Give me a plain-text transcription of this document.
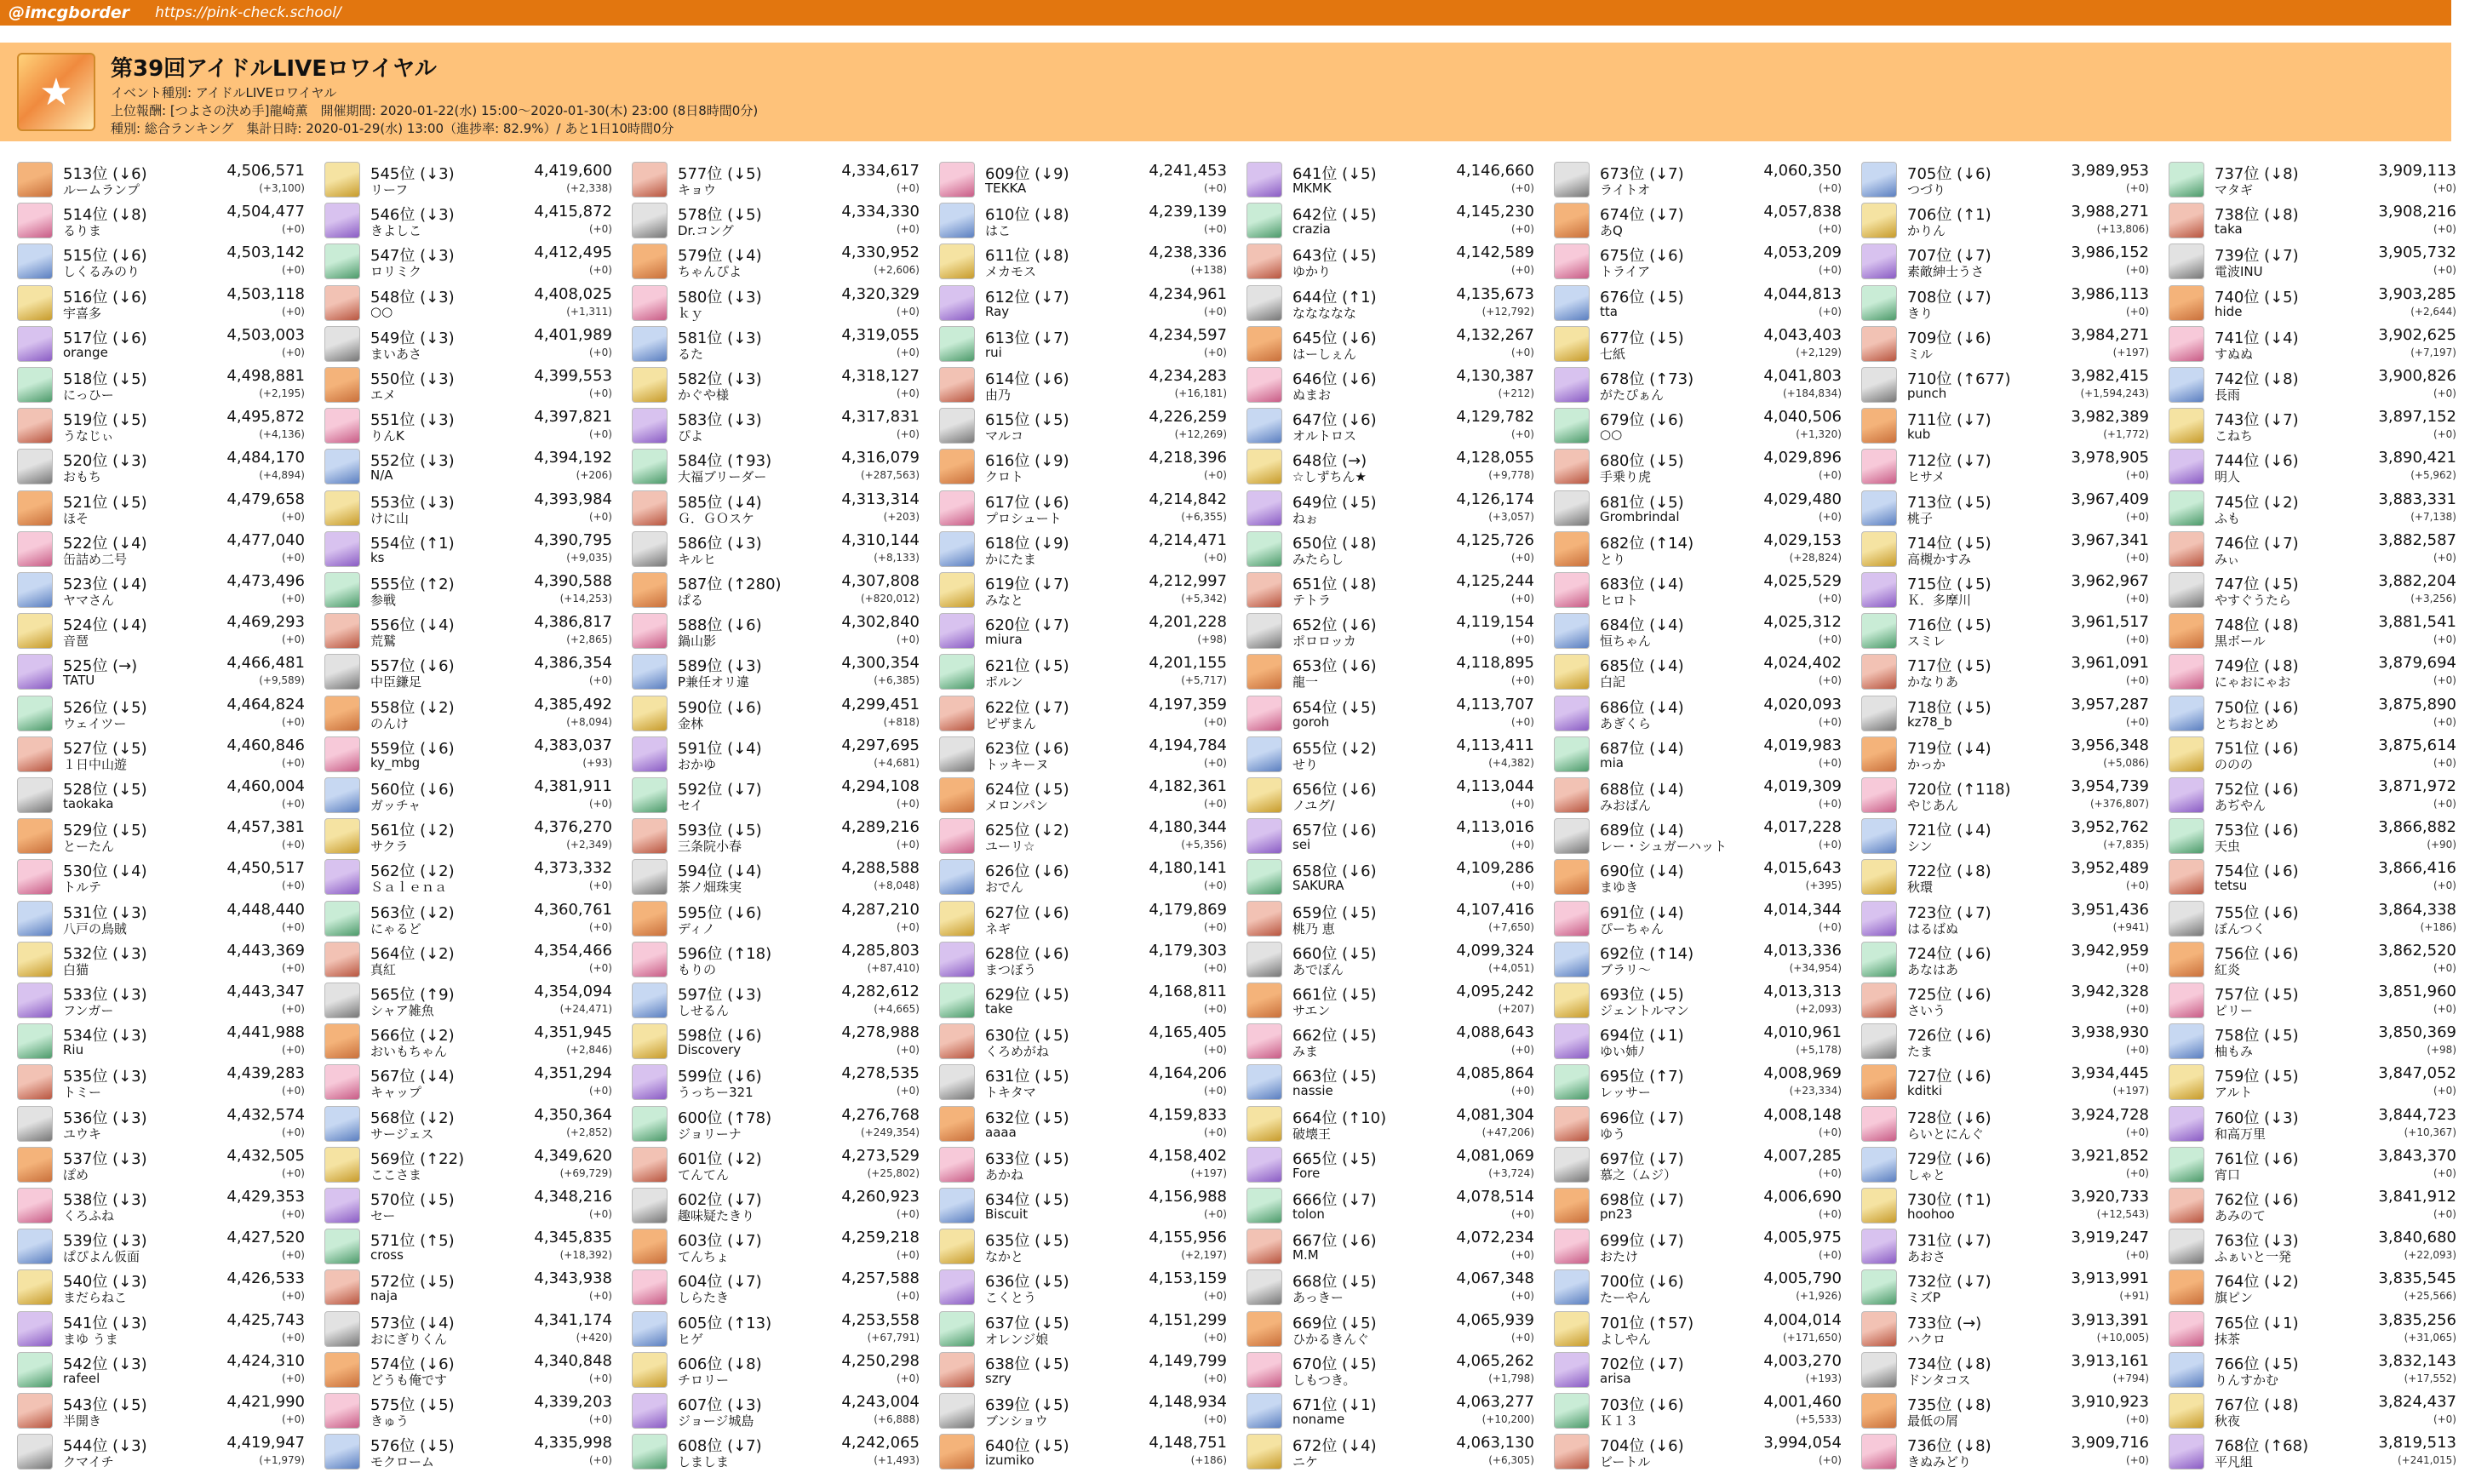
@imcgborder https://pink-check.school/
★
第39回アイドルLIVEロワイヤル
イベント種別: アイドルLIVEロワイヤル
上位報酬: [つよさの決め手]龍崎薫　開催期間: 2020-01-22(水) 15:00〜2020-01-30(木) 23:00 (8日8時間0分)
種別: 総合ランキング　集計日時: 2020-01-29(水) 13:00（進捗率: 82.9%）/ あと1日10時間0分
513位 (↓6)
ルームランプ
4,506,571
(+3,100)
514位 (↓8)
るりま
4,504,477
(+0)
515位 (↓6)
しくるみのり
4,503,142
(+0)
516位 (↓6)
宇喜多
4,503,118
(+0)
517位 (↓6)
orange
4,503,003
(+0)
518位 (↓5)
にっひー
4,498,881
(+2,195)
519位 (↓5)
うなじぃ
4,495,872
(+4,136)
520位 (↓3)
おもち
4,484,170
(+4,894)
521位 (↓5)
ほそ
4,479,658
(+0)
522位 (↓4)
缶詰め二号
4,477,040
(+0)
523位 (↓4)
ヤマさん
4,473,496
(+0)
524位 (↓4)
音琶
4,469,293
(+0)
525位 (→)
TATU
4,466,481
(+9,589)
526位 (↓5)
ウェイツー
4,464,824
(+0)
527位 (↓5)
１日中山遊
4,460,846
(+0)
528位 (↓5)
taokaka
4,460,004
(+0)
529位 (↓5)
とーたん
4,457,381
(+0)
530位 (↓4)
トルテ
4,450,517
(+0)
531位 (↓3)
八戸の鳥賊
4,448,440
(+0)
532位 (↓3)
白猫
4,443,369
(+0)
533位 (↓3)
フンガー
4,443,347
(+0)
534位 (↓3)
Riu
4,441,988
(+0)
535位 (↓3)
トミー
4,439,283
(+0)
536位 (↓3)
ユウキ
4,432,574
(+0)
537位 (↓3)
ぽめ
4,432,505
(+0)
538位 (↓3)
くろふね
4,429,353
(+0)
539位 (↓3)
ぱぴよん仮面
4,427,520
(+0)
540位 (↓3)
まだらねこ
4,426,533
(+0)
541位 (↓3)
まゆ うま
4,425,743
(+0)
542位 (↓3)
rafeel
4,424,310
(+0)
543位 (↓5)
半開き
4,421,990
(+0)
544位 (↓3)
クマイチ
4,419,947
(+1,979)
545位 (↓3)
リーフ
4,419,600
(+2,338)
546位 (↓3)
きよしこ
4,415,872
(+0)
547位 (↓3)
ロリミク
4,412,495
(+0)
548位 (↓3)
○○
4,408,025
(+1,311)
549位 (↓3)
まいあさ
4,401,989
(+0)
550位 (↓3)
エメ
4,399,553
(+0)
551位 (↓3)
りんK
4,397,821
(+0)
552位 (↓3)
N/A
4,394,192
(+206)
553位 (↓3)
けに山
4,393,984
(+0)
554位 (↑1)
ks
4,390,795
(+9,035)
555位 (↑2)
参戦
4,390,588
(+14,253)
556位 (↓4)
荒鷲
4,386,817
(+2,865)
557位 (↓6)
中臣鎌足
4,386,354
(+0)
558位 (↓2)
のんけ
4,385,492
(+8,094)
559位 (↓6)
ky_mbg
4,383,037
(+93)
560位 (↓6)
ガッチャ
4,381,911
(+0)
561位 (↓2)
サクラ
4,376,270
(+2,349)
562位 (↓2)
Ｓａｌｅｎａ
4,373,332
(+0)
563位 (↓2)
にゃるど
4,360,761
(+0)
564位 (↓2)
真紅
4,354,466
(+0)
565位 (↑9)
シャア雑魚
4,354,094
(+24,471)
566位 (↓2)
おいもちゃん
4,351,945
(+2,846)
567位 (↓4)
キャップ
4,351,294
(+0)
568位 (↓2)
サージェス
4,350,364
(+2,852)
569位 (↑22)
ここさま
4,349,620
(+69,729)
570位 (↓5)
セー
4,348,216
(+0)
571位 (↑5)
cross
4,345,835
(+18,392)
572位 (↓5)
naja
4,343,938
(+0)
573位 (↓4)
おにぎりくん
4,341,174
(+420)
574位 (↓6)
どうも俺です
4,340,848
(+0)
575位 (↓5)
きゅう
4,339,203
(+0)
576位 (↓5)
モクローム
4,335,998
(+0)
577位 (↓5)
キョウ
4,334,617
(+0)
578位 (↓5)
Dr.コング
4,334,330
(+0)
579位 (↓4)
ちゃんぴよ
4,330,952
(+2,606)
580位 (↓3)
ｋｙ
4,320,329
(+0)
581位 (↓3)
るた
4,319,055
(+0)
582位 (↓3)
かぐや様
4,318,127
(+0)
583位 (↓3)
ぴよ
4,317,831
(+0)
584位 (↑93)
大福ブリーダー
4,316,079
(+287,563)
585位 (↓4)
Ｇ．ＧＯスケ
4,313,314
(+203)
586位 (↓3)
キルヒ
4,310,144
(+8,133)
587位 (↑280)
ぱる
4,307,808
(+820,012)
588位 (↓6)
鍋山影
4,302,840
(+0)
589位 (↓3)
P兼任オリ違
4,300,354
(+6,385)
590位 (↓6)
金林
4,299,451
(+818)
591位 (↓4)
おかゆ
4,297,695
(+4,681)
592位 (↓7)
セイ
4,294,108
(+0)
593位 (↓5)
三条院小春
4,289,216
(+0)
594位 (↓4)
茶ノ畑珠実
4,288,588
(+8,048)
595位 (↓6)
ディノ
4,287,210
(+0)
596位 (↑18)
もりの
4,285,803
(+87,410)
597位 (↓3)
しせるん
4,282,612
(+4,665)
598位 (↓6)
Discovery
4,278,988
(+0)
599位 (↓6)
うっちー321
4,278,535
(+0)
600位 (↑78)
ジョリーナ
4,276,768
(+249,354)
601位 (↓2)
てんてん
4,273,529
(+25,802)
602位 (↓7)
趣味疑たきり
4,260,923
(+0)
603位 (↓7)
てんちょ
4,259,218
(+0)
604位 (↓7)
しらたき
4,257,588
(+0)
605位 (↑13)
ヒゲ
4,253,558
(+67,791)
606位 (↓8)
チロリー
4,250,298
(+0)
607位 (↓3)
ジョージ城島
4,243,004
(+6,888)
608位 (↓7)
しましま
4,242,065
(+1,493)
609位 (↓9)
TEKKA
4,241,453
(+0)
610位 (↓8)
はこ
4,239,139
(+0)
611位 (↓8)
メカモス
4,238,336
(+138)
612位 (↓7)
Ray
4,234,961
(+0)
613位 (↓7)
rui
4,234,597
(+0)
614位 (↓6)
由乃
4,234,283
(+16,181)
615位 (↓5)
マルコ
4,226,259
(+12,269)
616位 (↓9)
クロト
4,218,396
(+0)
617位 (↓6)
プロシュート
4,214,842
(+6,355)
618位 (↓9)
かにたま
4,214,471
(+0)
619位 (↓7)
みなと
4,212,997
(+5,342)
620位 (↓7)
miura
4,201,228
(+98)
621位 (↓5)
ポルン
4,201,155
(+5,717)
622位 (↓7)
ピザまん
4,197,359
(+0)
623位 (↓6)
トッキーヌ
4,194,784
(+0)
624位 (↓5)
メロンパン
4,182,361
(+0)
625位 (↓2)
ユーリ☆
4,180,344
(+5,356)
626位 (↓6)
おでん
4,180,141
(+0)
627位 (↓6)
ネギ
4,179,869
(+0)
628位 (↓6)
まつぼう
4,179,303
(+0)
629位 (↓5)
take
4,168,811
(+0)
630位 (↓5)
くろめがね
4,165,405
(+0)
631位 (↓5)
トキタマ
4,164,206
(+0)
632位 (↓5)
aaaa
4,159,833
(+0)
633位 (↓5)
あかね
4,158,402
(+197)
634位 (↓5)
Biscuit
4,156,988
(+0)
635位 (↓5)
なかと
4,155,956
(+2,197)
636位 (↓5)
こくとう
4,153,159
(+0)
637位 (↓5)
オレンジ娘
4,151,299
(+0)
638位 (↓5)
szry
4,149,799
(+0)
639位 (↓5)
ブンショウ
4,148,934
(+0)
640位 (↓5)
izumiko
4,148,751
(+186)
641位 (↓5)
MKMK
4,146,660
(+0)
642位 (↓5)
crazia
4,145,230
(+0)
643位 (↓5)
ゆかり
4,142,589
(+0)
644位 (↑1)
ななななな
4,135,673
(+12,792)
645位 (↓6)
はーしぇん
4,132,267
(+0)
646位 (↓6)
ぬまお
4,130,387
(+212)
647位 (↓6)
オルトロス
4,129,782
(+0)
648位 (→)
☆しずちん★
4,128,055
(+9,778)
649位 (↓5)
ねぉ
4,126,174
(+3,057)
650位 (↓8)
みたらし
4,125,726
(+0)
651位 (↓8)
テトラ
4,125,244
(+0)
652位 (↓6)
ポロロッカ
4,119,154
(+0)
653位 (↓6)
龍一
4,118,895
(+0)
654位 (↓5)
goroh
4,113,707
(+0)
655位 (↓2)
せり
4,113,411
(+4,382)
656位 (↓6)
ノユグ/
4,113,044
(+0)
657位 (↓6)
sei
4,113,016
(+0)
658位 (↓6)
SAKURA
4,109,286
(+0)
659位 (↓5)
桃乃 恵
4,107,416
(+7,650)
660位 (↓5)
あでぽん
4,099,324
(+4,051)
661位 (↓5)
サエン
4,095,242
(+207)
662位 (↓5)
みま
4,088,643
(+0)
663位 (↓5)
nassie
4,085,864
(+0)
664位 (↑10)
破壊王
4,081,304
(+47,206)
665位 (↓5)
Fore
4,081,069
(+3,724)
666位 (↓7)
tolon
4,078,514
(+0)
667位 (↓6)
M.M
4,072,234
(+0)
668位 (↓5)
あっきー
4,067,348
(+0)
669位 (↓5)
ひかるきんぐ
4,065,939
(+0)
670位 (↓5)
しもつき。
4,065,262
(+1,798)
671位 (↓1)
noname
4,063,277
(+10,200)
672位 (↓4)
ニケ
4,063,130
(+6,305)
673位 (↓7)
ライトオ
4,060,350
(+0)
674位 (↓7)
あQ
4,057,838
(+0)
675位 (↓6)
トライア
4,053,209
(+0)
676位 (↓5)
tta
4,044,813
(+0)
677位 (↓5)
七紙
4,043,403
(+2,129)
678位 (↑73)
がたぴぁん
4,041,803
(+184,834)
679位 (↓6)
○○
4,040,506
(+1,320)
680位 (↓5)
手乗り虎
4,029,896
(+0)
681位 (↓5)
Grombrindal
4,029,480
(+0)
682位 (↑14)
とり
4,029,153
(+28,824)
683位 (↓4)
ヒロト
4,025,529
(+0)
684位 (↓4)
恒ちゃん
4,025,312
(+0)
685位 (↓4)
白記
4,024,402
(+0)
686位 (↓4)
あぎくら
4,020,093
(+0)
687位 (↓4)
mia
4,019,983
(+0)
688位 (↓4)
みおばん
4,019,309
(+0)
689位 (↓4)
レー・シュガーハット
4,017,228
(+0)
690位 (↓4)
まゆき
4,015,643
(+395)
691位 (↓4)
ぴーちゃん
4,014,344
(+0)
692位 (↑14)
ブラリ〜
4,013,336
(+34,954)
693位 (↓5)
ジェントルマン
4,013,313
(+2,093)
694位 (↓1)
ゆい姉ﾉ
4,010,961
(+5,178)
695位 (↑7)
レッサー
4,008,969
(+23,334)
696位 (↓7)
ゆう
4,008,148
(+0)
697位 (↓7)
慕之（ムジ）
4,007,285
(+0)
698位 (↓7)
pn23
4,006,690
(+0)
699位 (↓7)
おたけ
4,005,975
(+0)
700位 (↓6)
たーやん
4,005,790
(+1,926)
701位 (↑57)
よしやん
4,004,014
(+171,650)
702位 (↓7)
arisa
4,003,270
(+193)
703位 (↓6)
Ｋ１３
4,001,460
(+5,533)
704位 (↓6)
ビートル
3,994,054
(+0)
705位 (↓6)
つづり
3,989,953
(+0)
706位 (↑1)
かりん
3,988,271
(+13,806)
707位 (↓7)
素敵紳士うさ
3,986,152
(+0)
708位 (↓7)
きり
3,986,113
(+0)
709位 (↓6)
ミル
3,984,271
(+197)
710位 (↑677)
punch
3,982,415
(+1,594,243)
711位 (↓7)
kub
3,982,389
(+1,772)
712位 (↓7)
ヒサメ
3,978,905
(+0)
713位 (↓5)
桃子
3,967,409
(+0)
714位 (↓5)
高槻かすみ
3,967,341
(+0)
715位 (↓5)
Ｋ．多摩川
3,962,967
(+0)
716位 (↓5)
スミレ
3,961,517
(+0)
717位 (↓5)
かなりあ
3,961,091
(+0)
718位 (↓5)
kz78_b
3,957,287
(+0)
719位 (↓4)
かっか
3,956,348
(+5,086)
720位 (↑118)
やじあん
3,954,739
(+376,807)
721位 (↓4)
シン
3,952,762
(+7,835)
722位 (↓8)
秋環
3,952,489
(+0)
723位 (↓7)
はるばぬ
3,951,436
(+941)
724位 (↓6)
あなはあ
3,942,959
(+0)
725位 (↓6)
さいう
3,942,328
(+0)
726位 (↓6)
たま
3,938,930
(+0)
727位 (↓6)
kditki
3,934,445
(+197)
728位 (↓6)
らいとにんぐ
3,924,728
(+0)
729位 (↓6)
しゃと
3,921,852
(+0)
730位 (↑1)
hoohoo
3,920,733
(+12,543)
731位 (↓7)
あおさ
3,919,247
(+0)
732位 (↓7)
ミズP
3,913,991
(+91)
733位 (→)
ハクロ
3,913,391
(+10,005)
734位 (↓8)
ドンタコス
3,913,161
(+794)
735位 (↓8)
最低の屑
3,910,923
(+0)
736位 (↓8)
きぬみどり
3,909,716
(+0)
737位 (↓8)
マタギ
3,909,113
(+0)
738位 (↓8)
taka
3,908,216
(+0)
739位 (↓7)
電波INU
3,905,732
(+0)
740位 (↓5)
hide
3,903,285
(+2,644)
741位 (↓4)
すぬぬ
3,902,625
(+7,197)
742位 (↓8)
長雨
3,900,826
(+0)
743位 (↓7)
こねち
3,897,152
(+0)
744位 (↓6)
明人
3,890,421
(+5,962)
745位 (↓2)
ふも
3,883,331
(+7,138)
746位 (↓7)
みぃ
3,882,587
(+0)
747位 (↓5)
やすぐうたら
3,882,204
(+3,256)
748位 (↓8)
黒ボール
3,881,541
(+0)
749位 (↓8)
にゃおにゃお
3,879,694
(+0)
750位 (↓6)
とちおとめ
3,875,890
(+0)
751位 (↓6)
ののの
3,875,614
(+0)
752位 (↓6)
あぢやん
3,871,972
(+0)
753位 (↓6)
天虫
3,866,882
(+90)
754位 (↓6)
tetsu
3,866,416
(+0)
755位 (↓6)
ぼんつく
3,864,338
(+186)
756位 (↓6)
紅炎
3,862,520
(+0)
757位 (↓5)
ピリー
3,851,960
(+0)
758位 (↓5)
柚もみ
3,850,369
(+98)
759位 (↓5)
アルト
3,847,052
(+0)
760位 (↓3)
和高万里
3,844,723
(+10,367)
761位 (↓6)
宵口
3,843,370
(+0)
762位 (↓6)
あみのて
3,841,912
(+0)
763位 (↓3)
ふぁいと一発
3,840,680
(+22,093)
764位 (↓2)
旗ピン
3,835,545
(+25,566)
765位 (↓1)
抹茶
3,835,256
(+31,065)
766位 (↓5)
りんすかむ
3,832,143
(+17,552)
767位 (↓8)
秋夜
3,824,437
(+0)
768位 (↑68)
平凡組
3,819,513
(+241,015)
